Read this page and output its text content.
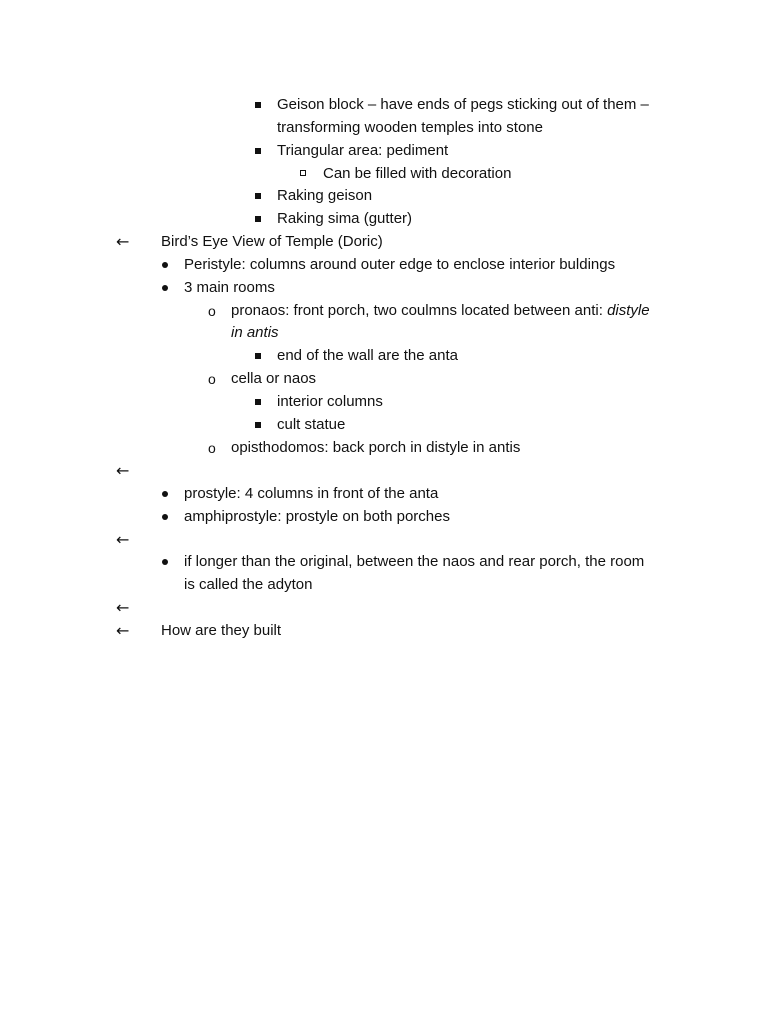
Geison block – have ends of pegs sticking out of them –
transforming wooden temples into stone
Triangular area: pediment
Can be filled with decoration
Raking geison
Raking sima (gutter)
← Bird’s Eye View of Temple (Doric)
Peristyle: columns around outer edge to enclose interior buldings
3 main rooms
o pronaos: front porch, two coulmns located between anti: distyle
in antis
end of the wall are the anta
o cella or naos
interior columns
cult statue
o opisthodomos: back porch in distyle in antis
←
prostyle: 4 columns in front of the anta
amphiprostyle: prostyle on both porches
←
if longer than the original, between the naos and rear porch, the room
is called the adyton
←
← How are they built
